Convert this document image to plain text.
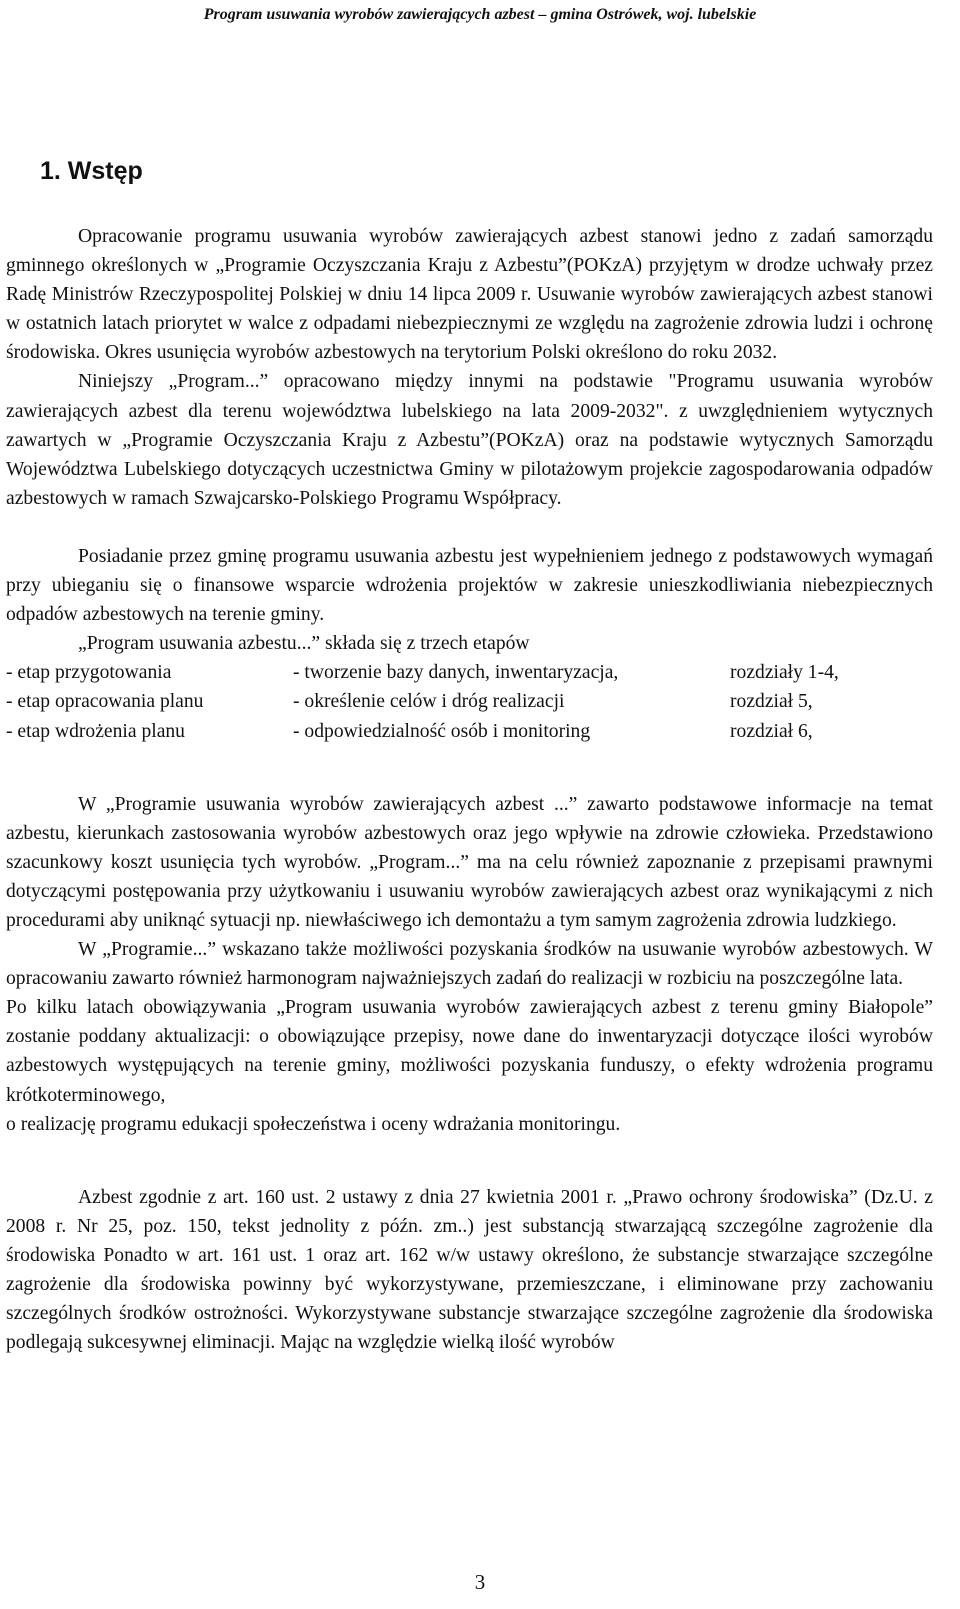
Program usuwania wyrobów zawierających azbest – gmina Ostrówek, woj. lubelskie
1. Wstęp

Opracowanie programu usuwania wyrobów zawierających azbest stanowi jedno z zadań samorządu gminnego określonych w „Programie Oczyszczania Kraju z Azbestu”(POKzA) przyjętym w drodze uchwały przez Radę Ministrów Rzeczypospolitej Polskiej w dniu 14 lipca 2009 r. Usuwanie wyrobów zawierających azbest stanowi w ostatnich latach priorytet w walce z odpadami niebezpiecznymi ze względu na zagrożenie zdrowia ludzi i ochronę środowiska. Okres usunięcia wyrobów azbestowych na terytorium Polski określono do roku 2032.

Niniejszy „Program...” opracowano między innymi na podstawie "Programu usuwania wyrobów zawierających azbest dla terenu województwa lubelskiego na lata 2009-2032". z uwzględnieniem wytycznych zawartych w „Programie Oczyszczania Kraju z Azbestu”(POKzA) oraz na podstawie wytycznych Samorządu Województwa Lubelskiego dotyczących uczestnictwa Gminy w pilotażowym projekcie zagospodarowania odpadów azbestowych w ramach Szwajcarsko-Polskiego Programu Współpracy.

Posiadanie przez gminę programu usuwania azbestu jest wypełnieniem jednego z podstawowych wymagań przy ubieganiu się o finansowe wsparcie wdrożenia projektów w zakresie unieszkodliwiania niebezpiecznych odpadów azbestowych na terenie gminy.

„Program usuwania azbestu...” składa się z trzech etapów

- etap przygotowania	- tworzenie bazy danych, inwentaryzacja,	rozdziały 1-4,
- etap opracowania planu	- określenie celów i dróg realizacji	rozdział 5,
- etap wdrożenia planu	- odpowiedzialność osób i monitoring	rozdział 6,

W „Programie usuwania wyrobów zawierających azbest ...” zawarto podstawowe informacje na temat azbestu, kierunkach zastosowania wyrobów azbestowych oraz jego wpływie na zdrowie człowieka. Przedstawiono szacunkowy koszt usunięcia tych wyrobów. „Program...” ma na celu również zapoznanie z przepisami prawnymi dotyczącymi postępowania przy użytkowaniu i usuwaniu wyrobów zawierających azbest oraz wynikającymi z nich procedurami aby uniknąć sytuacji np. niewłaściwego ich demontażu a tym samym zagrożenia zdrowia ludzkiego.

W „Programie...” wskazano także możliwości pozyskania środków na usuwanie wyrobów azbestowych. W opracowaniu zawarto również harmonogram najważniejszych zadań do realizacji w rozbiciu na poszczególne lata.

Po kilku latach obowiązywania „Program usuwania wyrobów zawierających azbest z terenu gminy Białopole” zostanie poddany aktualizacji: o obowiązujące przepisy, nowe dane do inwentaryzacji dotyczące ilości wyrobów azbestowych występujących na terenie gminy, możliwości pozyskania funduszy, o efekty wdrożenia programu krótkoterminowego,

o realizację programu edukacji społeczeństwa i oceny wdrażania monitoringu.

Azbest zgodnie z art. 160 ust. 2 ustawy z dnia 27 kwietnia 2001 r. „Prawo ochrony środowiska” (Dz.U. z 2008 r. Nr 25, poz. 150, tekst jednolity z późn. zm..) jest substancją stwarzającą szczególne zagrożenie dla środowiska Ponadto w art. 161 ust. 1 oraz art. 162 w/w ustawy określono, że substancje stwarzające szczególne zagrożenie dla środowiska powinny być wykorzystywane, przemieszczane, i eliminowane przy zachowaniu szczególnych środków ostrożności. Wykorzystywane substancje stwarzające szczególne zagrożenie dla środowiska podlegają sukcesywnej eliminacji. Mając na względzie wielką ilość wyrobów

3
